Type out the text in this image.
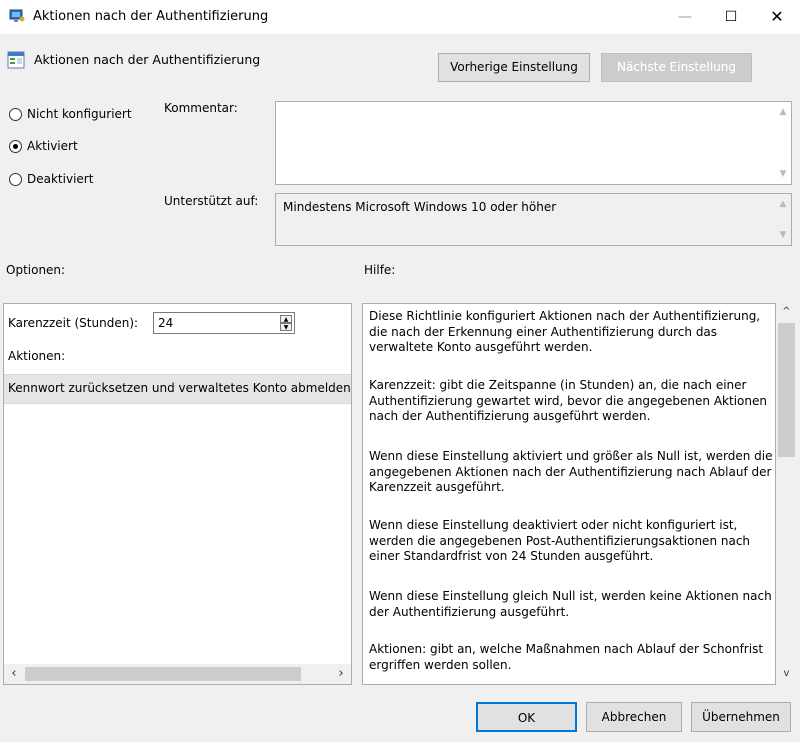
Aktionen nach der Authentifizierung	—	☐	✕
Aktionen nach der Authentifizierung	Vorherige Einstellung	Nächste Einstellung
Nicht konfiguriert
Aktiviert
Deaktiviert
Kommentar:	▲
▼
Unterstützt auf:	▲
▼
Mindestens Microsoft Windows 10 oder höher
Optionen:	Hilfe:
Karenzzeit (Stunden): 24	▲
▼
Aktionen:
Kennwort zurücksetzen und verwaltetes Konto abmelden
‹	›
Diese Richtlinie konfiguriert Aktionen nach der Authentifizierung, die nach der Erkennung einer Authentifizierung durch das verwaltete Konto ausgeführt werden.
Karenzzeit: gibt die Zeitspanne (in Stunden) an, die nach einer Authentifizierung gewartet wird, bevor die angegebenen Aktionen nach der Authentifizierung ausgeführt werden.
Wenn diese Einstellung aktiviert und größer als Null ist, werden die angegebenen Aktionen nach der Authentifizierung nach Ablauf der Karenzzeit ausgeführt.
Wenn diese Einstellung deaktiviert oder nicht konfiguriert ist, werden die angegebenen Post-Authentifizierungsaktionen nach einer Standardfrist von 24 Stunden ausgeführt.
Wenn diese Einstellung gleich Null ist, werden keine Aktionen nach der Authentifizierung ausgeführt.
Aktionen: gibt an, welche Maßnahmen nach Ablauf der Schonfrist ergriffen werden sollen.
^
v
OK	Abbrechen	Übernehmen
